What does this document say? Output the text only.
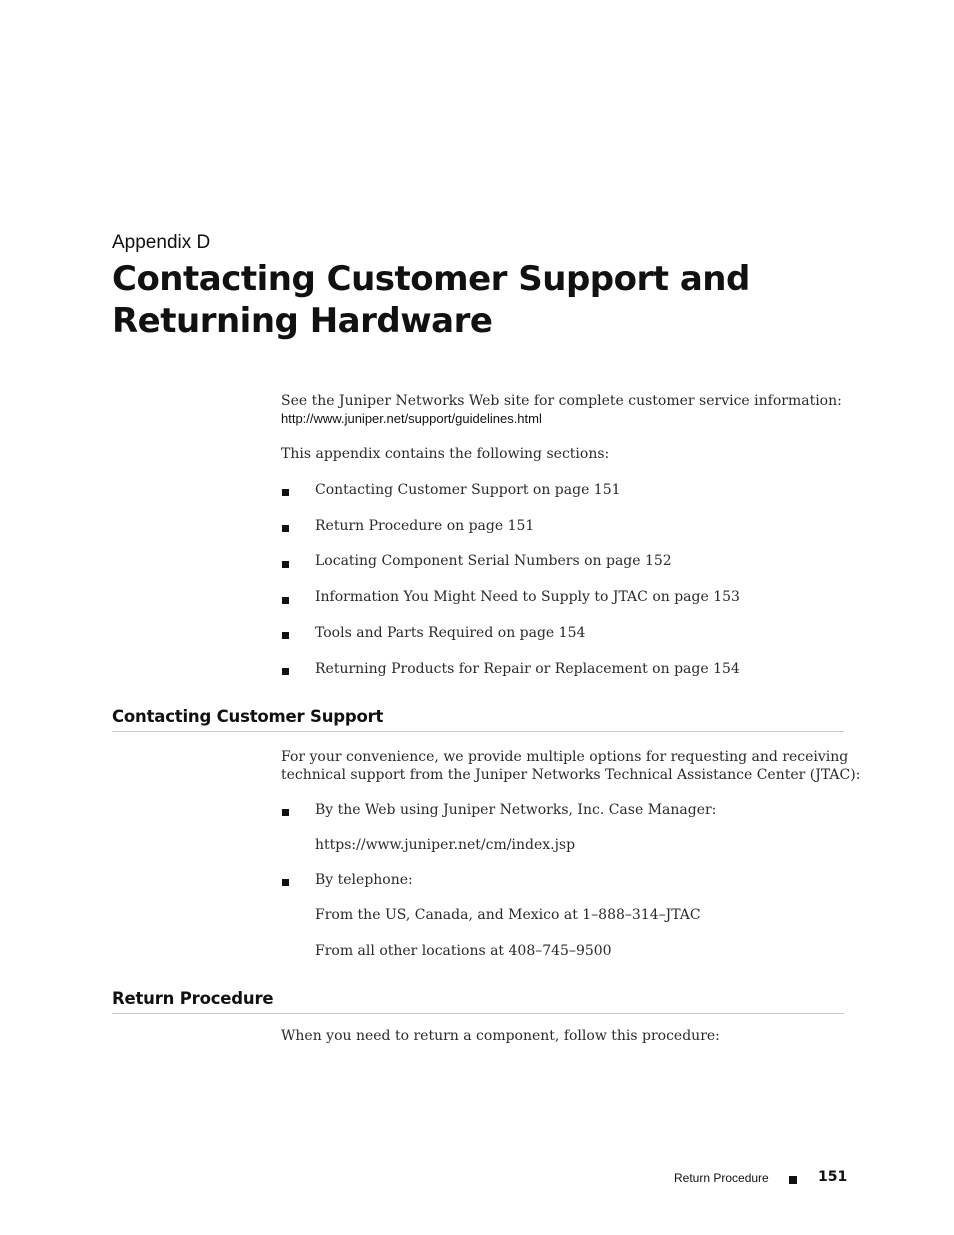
Appendix D
Contacting Customer Support and
Returning Hardware
See the Juniper Networks Web site for complete customer service information:
http://www.juniper.net/support/guidelines.html
This appendix contains the following sections:
Contacting Customer Support on page 151
Return Procedure on page 151
Locating Component Serial Numbers on page 152
Information You Might Need to Supply to JTAC on page 153
Tools and Parts Required on page 154
Returning Products for Repair or Replacement on page 154
Contacting Customer Support
For your convenience, we provide multiple options for requesting and receiving
technical support from the Juniper Networks Technical Assistance Center (JTAC):
By the Web using Juniper Networks, Inc. Case Manager:
https://www.juniper.net/cm/index.jsp
By telephone:
From the US, Canada, and Mexico at 1–888–314–JTAC
From all other locations at 408–745–9500
Return Procedure
When you need to return a component, follow this procedure:
Return Procedure	151
